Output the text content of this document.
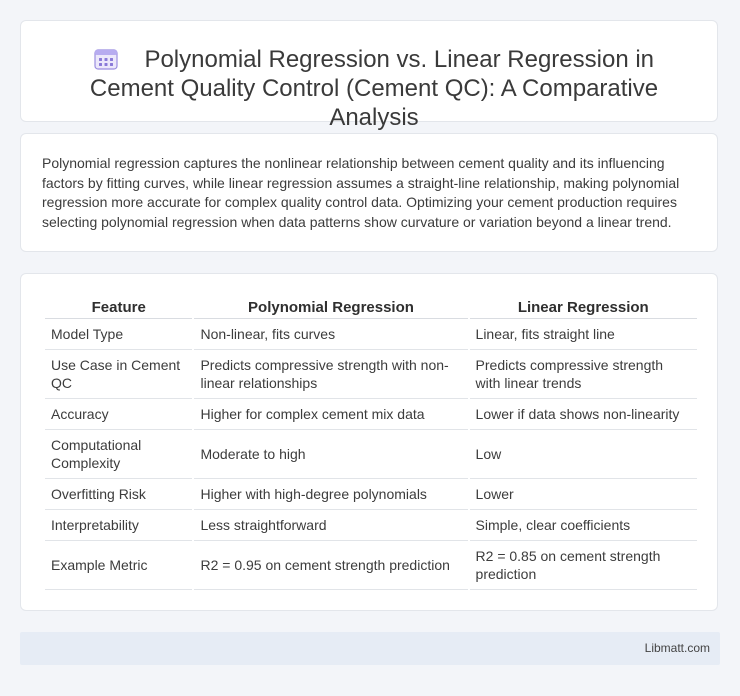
Polynomial Regression vs. Linear Regression in Cement Quality Control (Cement QC): A Comparative Analysis

Polynomial regression captures the nonlinear relationship between cement quality and its influencing factors by fitting curves, while linear regression assumes a straight-line relationship, making polynomial regression more accurate for complex quality control data. Optimizing your cement production requires selecting polynomial regression when data patterns show curvature or variation beyond a linear trend.

Feature	Polynomial Regression	Linear Regression
Model Type	Non-linear, fits curves	Linear, fits straight line
Use Case in Cement QC	Predicts compressive strength with non-linear relationships	Predicts compressive strength with linear trends
Accuracy	Higher for complex cement mix data	Lower if data shows non-linearity
Computational Complexity	Moderate to high	Low
Overfitting Risk	Higher with high-degree polynomials	Lower
Interpretability	Less straightforward	Simple, clear coefficients
Example Metric	R2 = 0.95 on cement strength prediction	R2 = 0.85 on cement strength prediction
Libmatt.com
